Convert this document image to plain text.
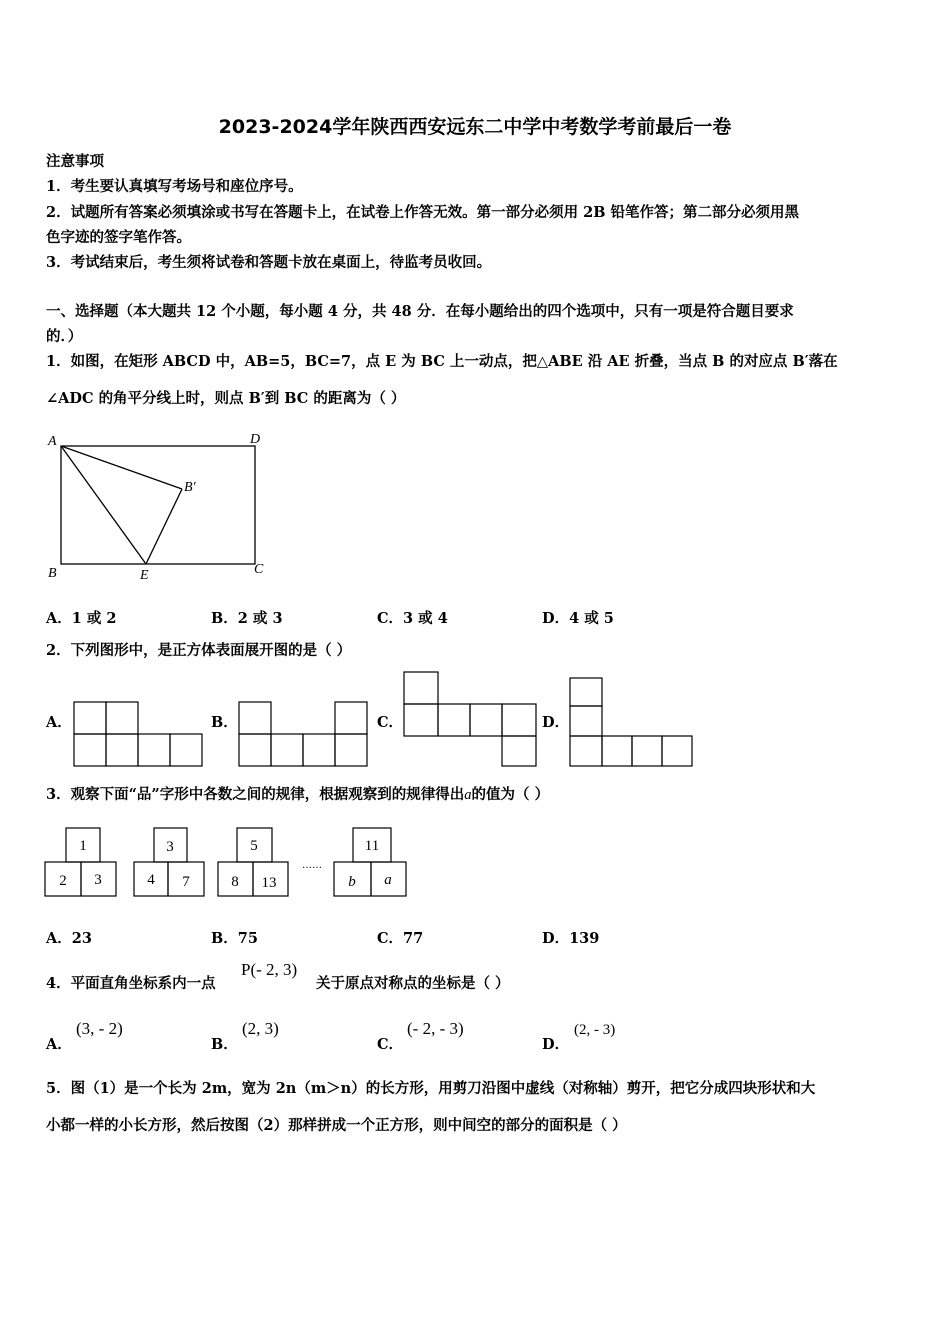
2023-2024学年陕西西安远东二中学中考数学考前最后一卷
注意事项
1．考生要认真填写考场号和座位序号。
2．试题所有答案必须填涂或书写在答题卡上，在试卷上作答无效。第一部分必须用 2B 铅笔作答；第二部分必须用黑
色字迹的签字笔作答。
3．考试结束后，考生须将试卷和答题卡放在桌面上，待监考员收回。
一、选择题（本大题共 12 个小题，每小题 4 分，共 48 分．在每小题给出的四个选项中，只有一项是符合题目要求
的．）
1．如图，在矩形 ABCD 中，AB=5，BC=7，点 E 为 BC 上一动点，把△ABE 沿 AE 折叠，当点 B 的对应点 B′落在
∠ADC 的角平分线上时，则点 B′到 BC 的距离为（ ）
A	D
B′
B	E	C
A．1 或 2	B．2 或 3	C．3 或 4	D．4 或 5
2．下列图形中，是正方体表面展开图的是（ ）
A．	B．	C．	D．
3．观察下面“品”字形中各数之间的规律，根据观察到的规律得出a的值为（ ）
1
2 3
3
4 7
5
8 13
11
b a
……
A．23	B．75	C．77	D．139
4．平面直角坐标系内一点
P(- 2, 3)
关于原点对称点的坐标是（ ）
A．
(3, - 2)
B．
(2, 3)
C．
(- 2, - 3)
D．
(2, - 3)
5．图（1）是一个长为 2m，宽为 2n（m＞n）的长方形，用剪刀沿图中虚线（对称轴）剪开，把它分成四块形状和大
小都一样的小长方形，然后按图（2）那样拼成一个正方形，则中间空的部分的面积是（ ）
